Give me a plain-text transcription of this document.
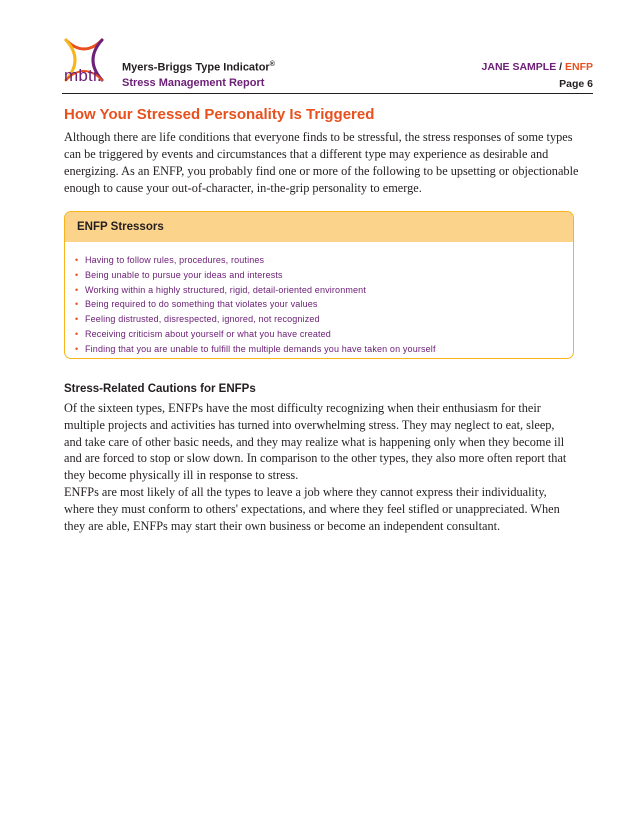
mbti. Myers-Briggs Type Indicator®
Stress Management Report
JANE SAMPLE / ENFP
Page 6
How Your Stressed Personality Is Triggered

Although there are life conditions that everyone finds to be stressful, the stress responses of some types can be triggered by events and circumstances that a different type may experience as desirable and energizing. As an ENFP, you probably find one or more of the following to be upsetting or objectionable enough to cause your out-of-character, in-the-grip personality to emerge.

ENFP Stressors
• Having to follow rules, procedures, routines
• Being unable to pursue your ideas and interests
• Working within a highly structured, rigid, detail-oriented environment
• Being required to do something that violates your values
• Feeling distrusted, disrespected, ignored, not recognized
• Receiving criticism about yourself or what you have created
• Finding that you are unable to fulfill the multiple demands you have taken on yourself
Stress-Related Cautions for ENFPs

Of the sixteen types, ENFPs have the most difficulty recognizing when their enthusiasm for their multiple projects and activities has turned into overwhelming stress. They may neglect to eat, sleep, and take care of other basic needs, and they may realize what is happening only when they become ill and are forced to stop or slow down. In comparison to the other types, they also more often report that they become physically ill in response to stress.

ENFPs are most likely of all the types to leave a job where they cannot express their individuality, where they must conform to others' expectations, and where they feel stifled or unappreciated. When they are able, ENFPs may start their own business or become an independent consultant.
